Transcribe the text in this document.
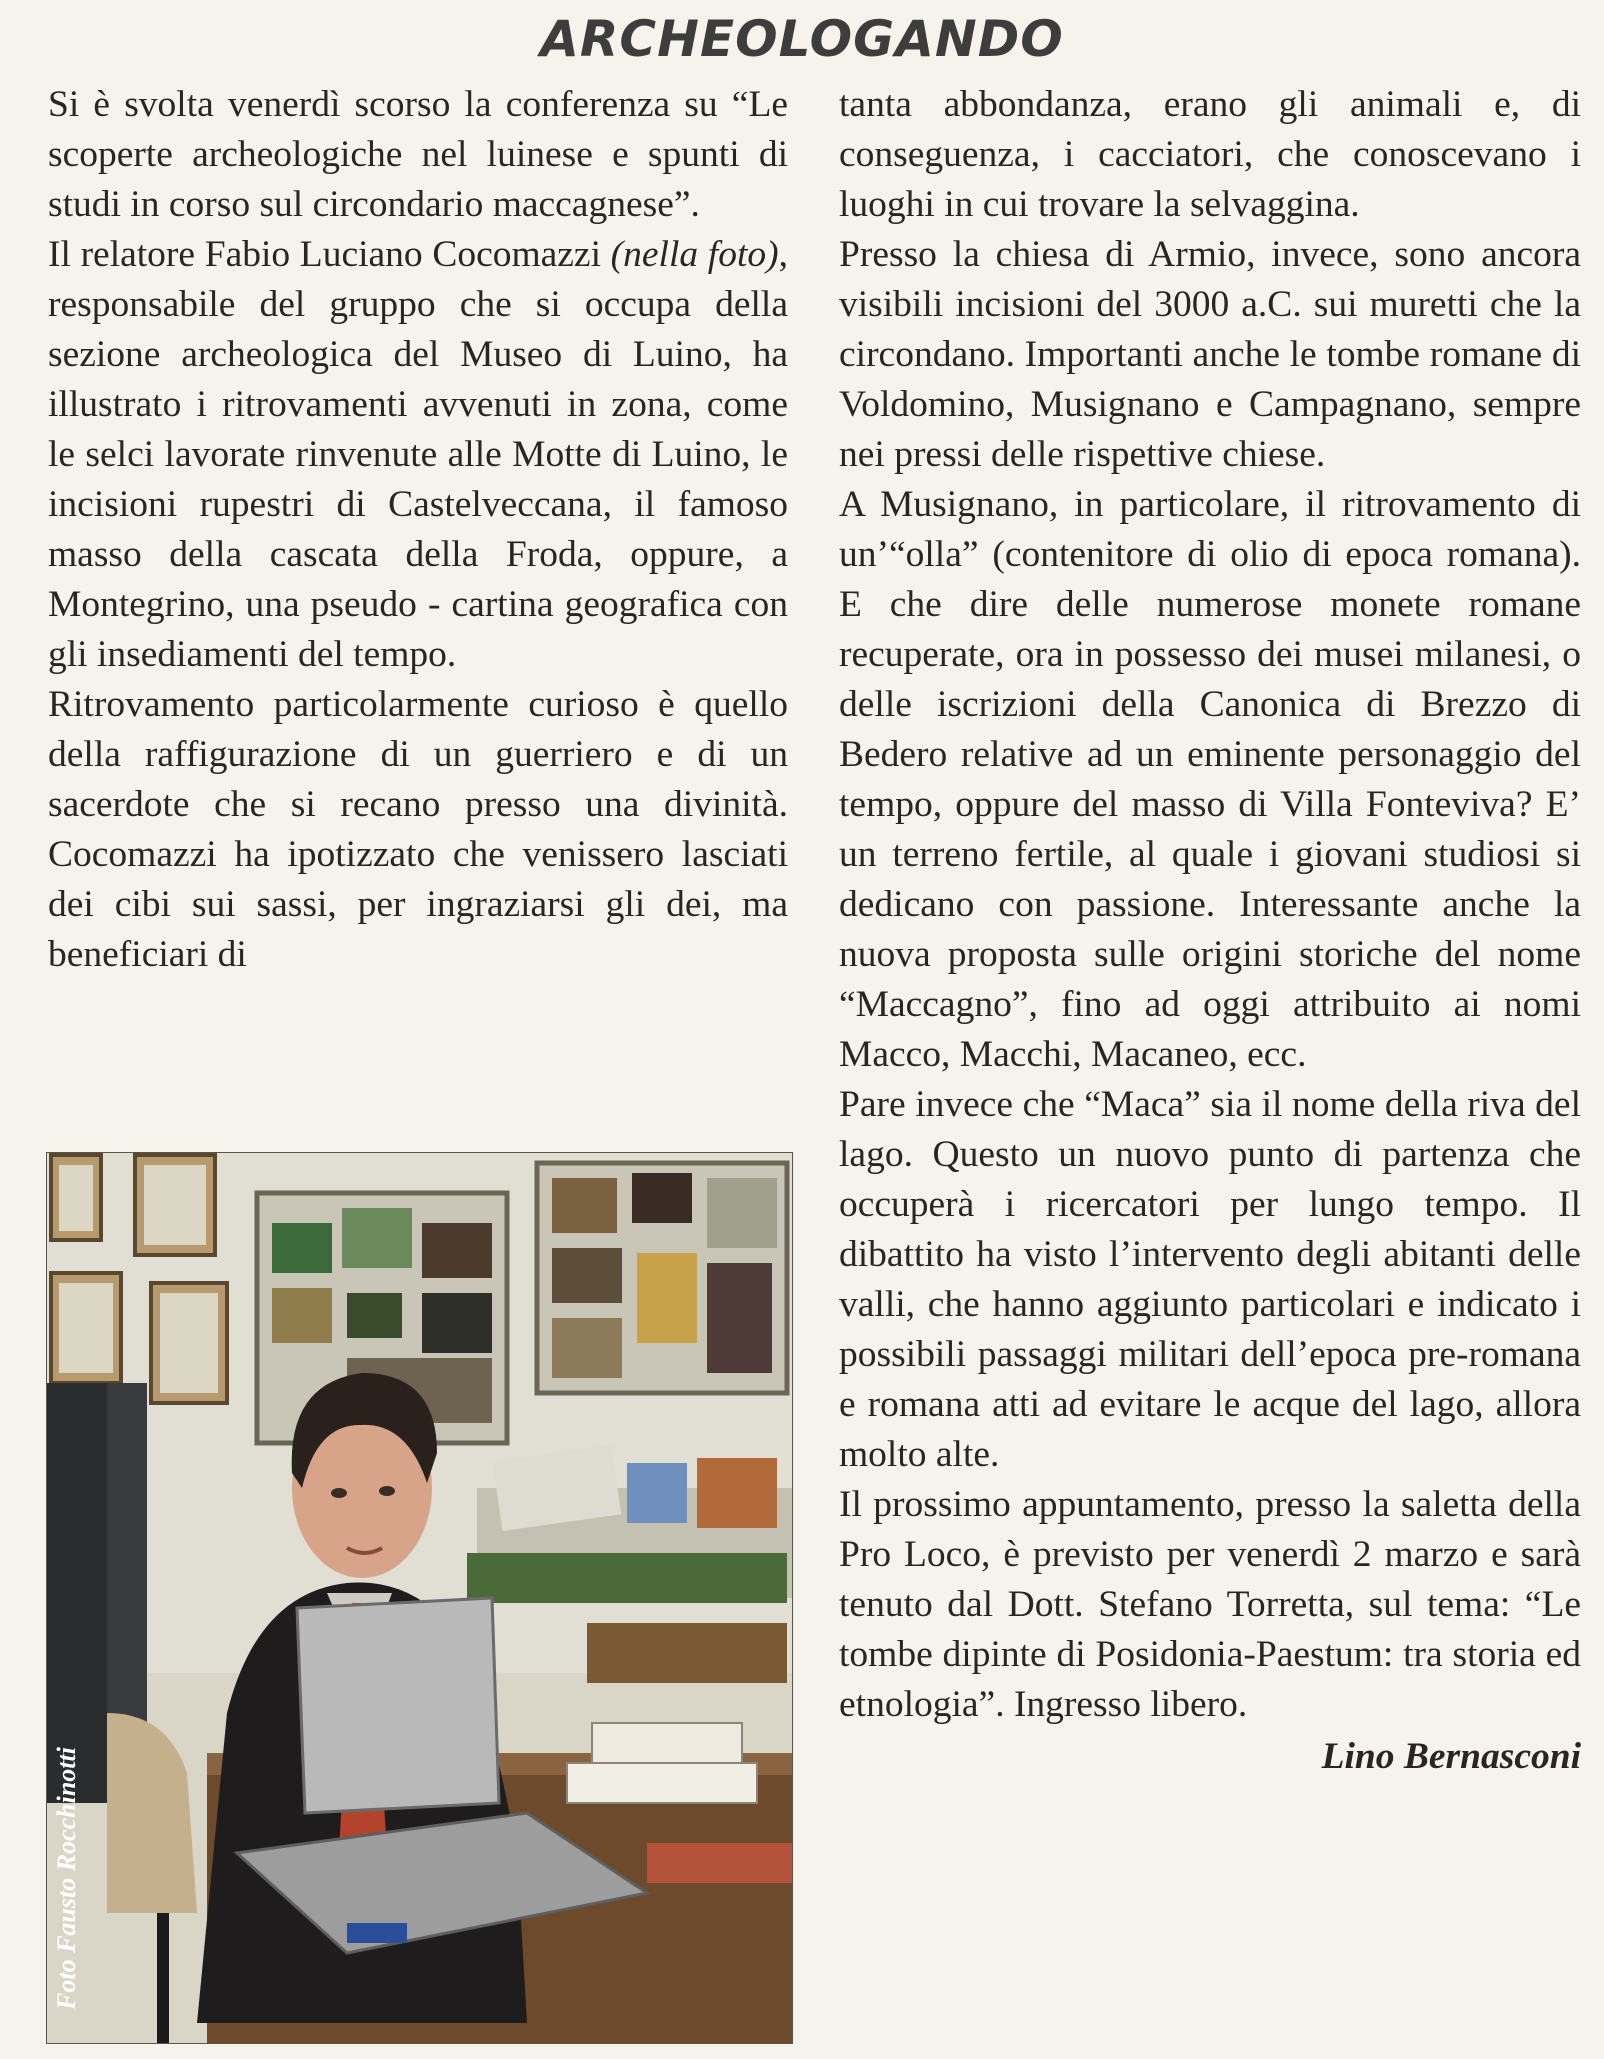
ARCHEOLOGANDO

Si è svolta venerdì scorso la conferenza su “Le scoperte archeologiche nel luinese e spunti di studi in corso sul circondario maccagnese”.

Il relatore Fabio Luciano Cocomazzi (nella foto), responsabile del gruppo che si occupa della sezione archeologica del Museo di Luino, ha illustrato i ritrovamenti avvenuti in zona, come le selci lavorate rinvenute alle Motte di Luino, le incisioni rupestri di Castelveccana, il famoso masso della cascata della Froda, oppure, a Montegrino, una pseudo - cartina geografica con gli insediamenti del tempo.

Ritrovamento particolarmente curioso è quello della raffigurazione di un guerriero e di un sacerdote che si recano presso una divinità. Cocomazzi ha ipotizzato che venissero lasciati dei cibi sui sassi, per ingraziarsi gli dei, ma beneficiari di

Foto Fausto Rocchinotti

tanta abbondanza, erano gli animali e, di conseguenza, i cacciatori, che conoscevano i luoghi in cui trovare la selvaggina.

Presso la chiesa di Armio, invece, sono ancora visibili incisioni del 3000 a.C. sui muretti che la circondano. Importanti anche le tombe romane di Voldomino, Musignano e Campagnano, sempre nei pressi delle rispettive chiese.

A Musignano, in particolare, il ritrovamento di un’“olla” (contenitore di olio di epoca romana). E che dire delle numerose monete romane recuperate, ora in possesso dei musei milanesi, o delle iscrizioni della Canonica di Brezzo di Bedero relative ad un eminente personaggio del tempo, oppure del masso di Villa Fonteviva? E’ un terreno fertile, al quale i giovani studiosi si dedicano con passione. Interessante anche la nuova proposta sulle origini storiche del nome “Maccagno”, fino ad oggi attribuito ai nomi Macco, Macchi, Macaneo, ecc.

Pare invece che “Maca” sia il nome della riva del lago. Questo un nuovo punto di partenza che occuperà i ricercatori per lungo tempo. Il dibattito ha visto l’intervento degli abitanti delle valli, che hanno aggiunto particolari e indicato i possibili passaggi militari dell’epoca pre-romana e romana atti ad evitare le acque del lago, allora molto alte.

Il prossimo appuntamento, presso la saletta della Pro Loco, è previsto per venerdì 2 marzo e sarà tenuto dal Dott. Stefano Torretta, sul tema: “Le tombe dipinte di Posidonia-Paestum: tra storia ed etnologia”. Ingresso libero.

Lino Bernasconi
